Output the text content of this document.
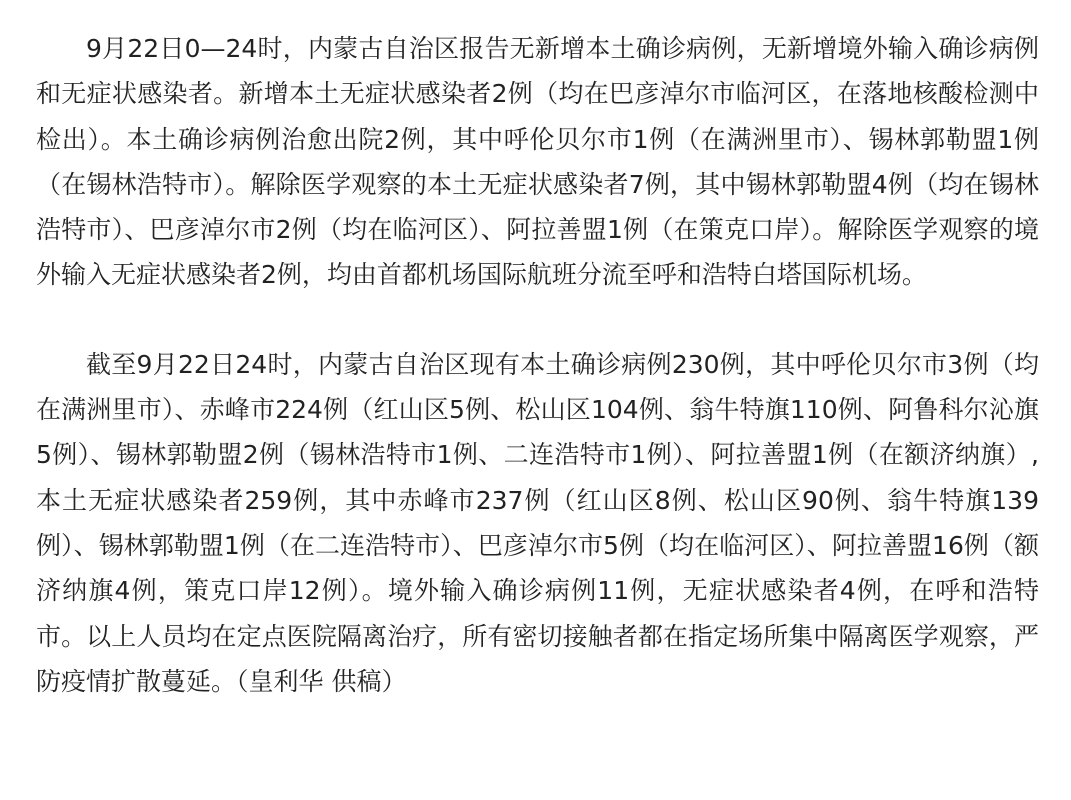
9月22日0—24时，内蒙古自治区报告无新增本土确诊病例，无新增境外输入确诊病例和无症状感染者。新增本土无症状感染者2例（均在巴彦淖尔市临河区，在落地核酸检测中检出）。本土确诊病例治愈出院2例，其中呼伦贝尔市1例（在满洲里市）、锡林郭勒盟1例（在锡林浩特市）。解除医学观察的本土无症状感染者7例，其中锡林郭勒盟4例（均在锡林浩特市）、巴彦淖尔市2例（均在临河区）、阿拉善盟1例（在策克口岸）。解除医学观察的境外输入无症状感染者2例，均由首都机场国际航班分流至呼和浩特白塔国际机场。

截至9月22日24时，内蒙古自治区现有本土确诊病例230例，其中呼伦贝尔市3例（均在满洲里市）、赤峰市224例（红山区5例、松山区104例、翁牛特旗110例、阿鲁科尔沁旗5例）、锡林郭勒盟2例（锡林浩特市1例、二连浩特市1例）、阿拉善盟1例（在额济纳旗）,本土无症状感染者259例，其中赤峰市237例（红山区8例、松山区90例、翁牛特旗139例）、锡林郭勒盟1例（在二连浩特市）、巴彦淖尔市5例（均在临河区）、阿拉善盟16例（额济纳旗4例，策克口岸12例）。境外输入确诊病例11例，无症状感染者4例，在呼和浩特市。以上人员均在定点医院隔离治疗，所有密切接触者都在指定场所集中隔离医学观察，严防疫情扩散蔓延。（皇利华 供稿）
